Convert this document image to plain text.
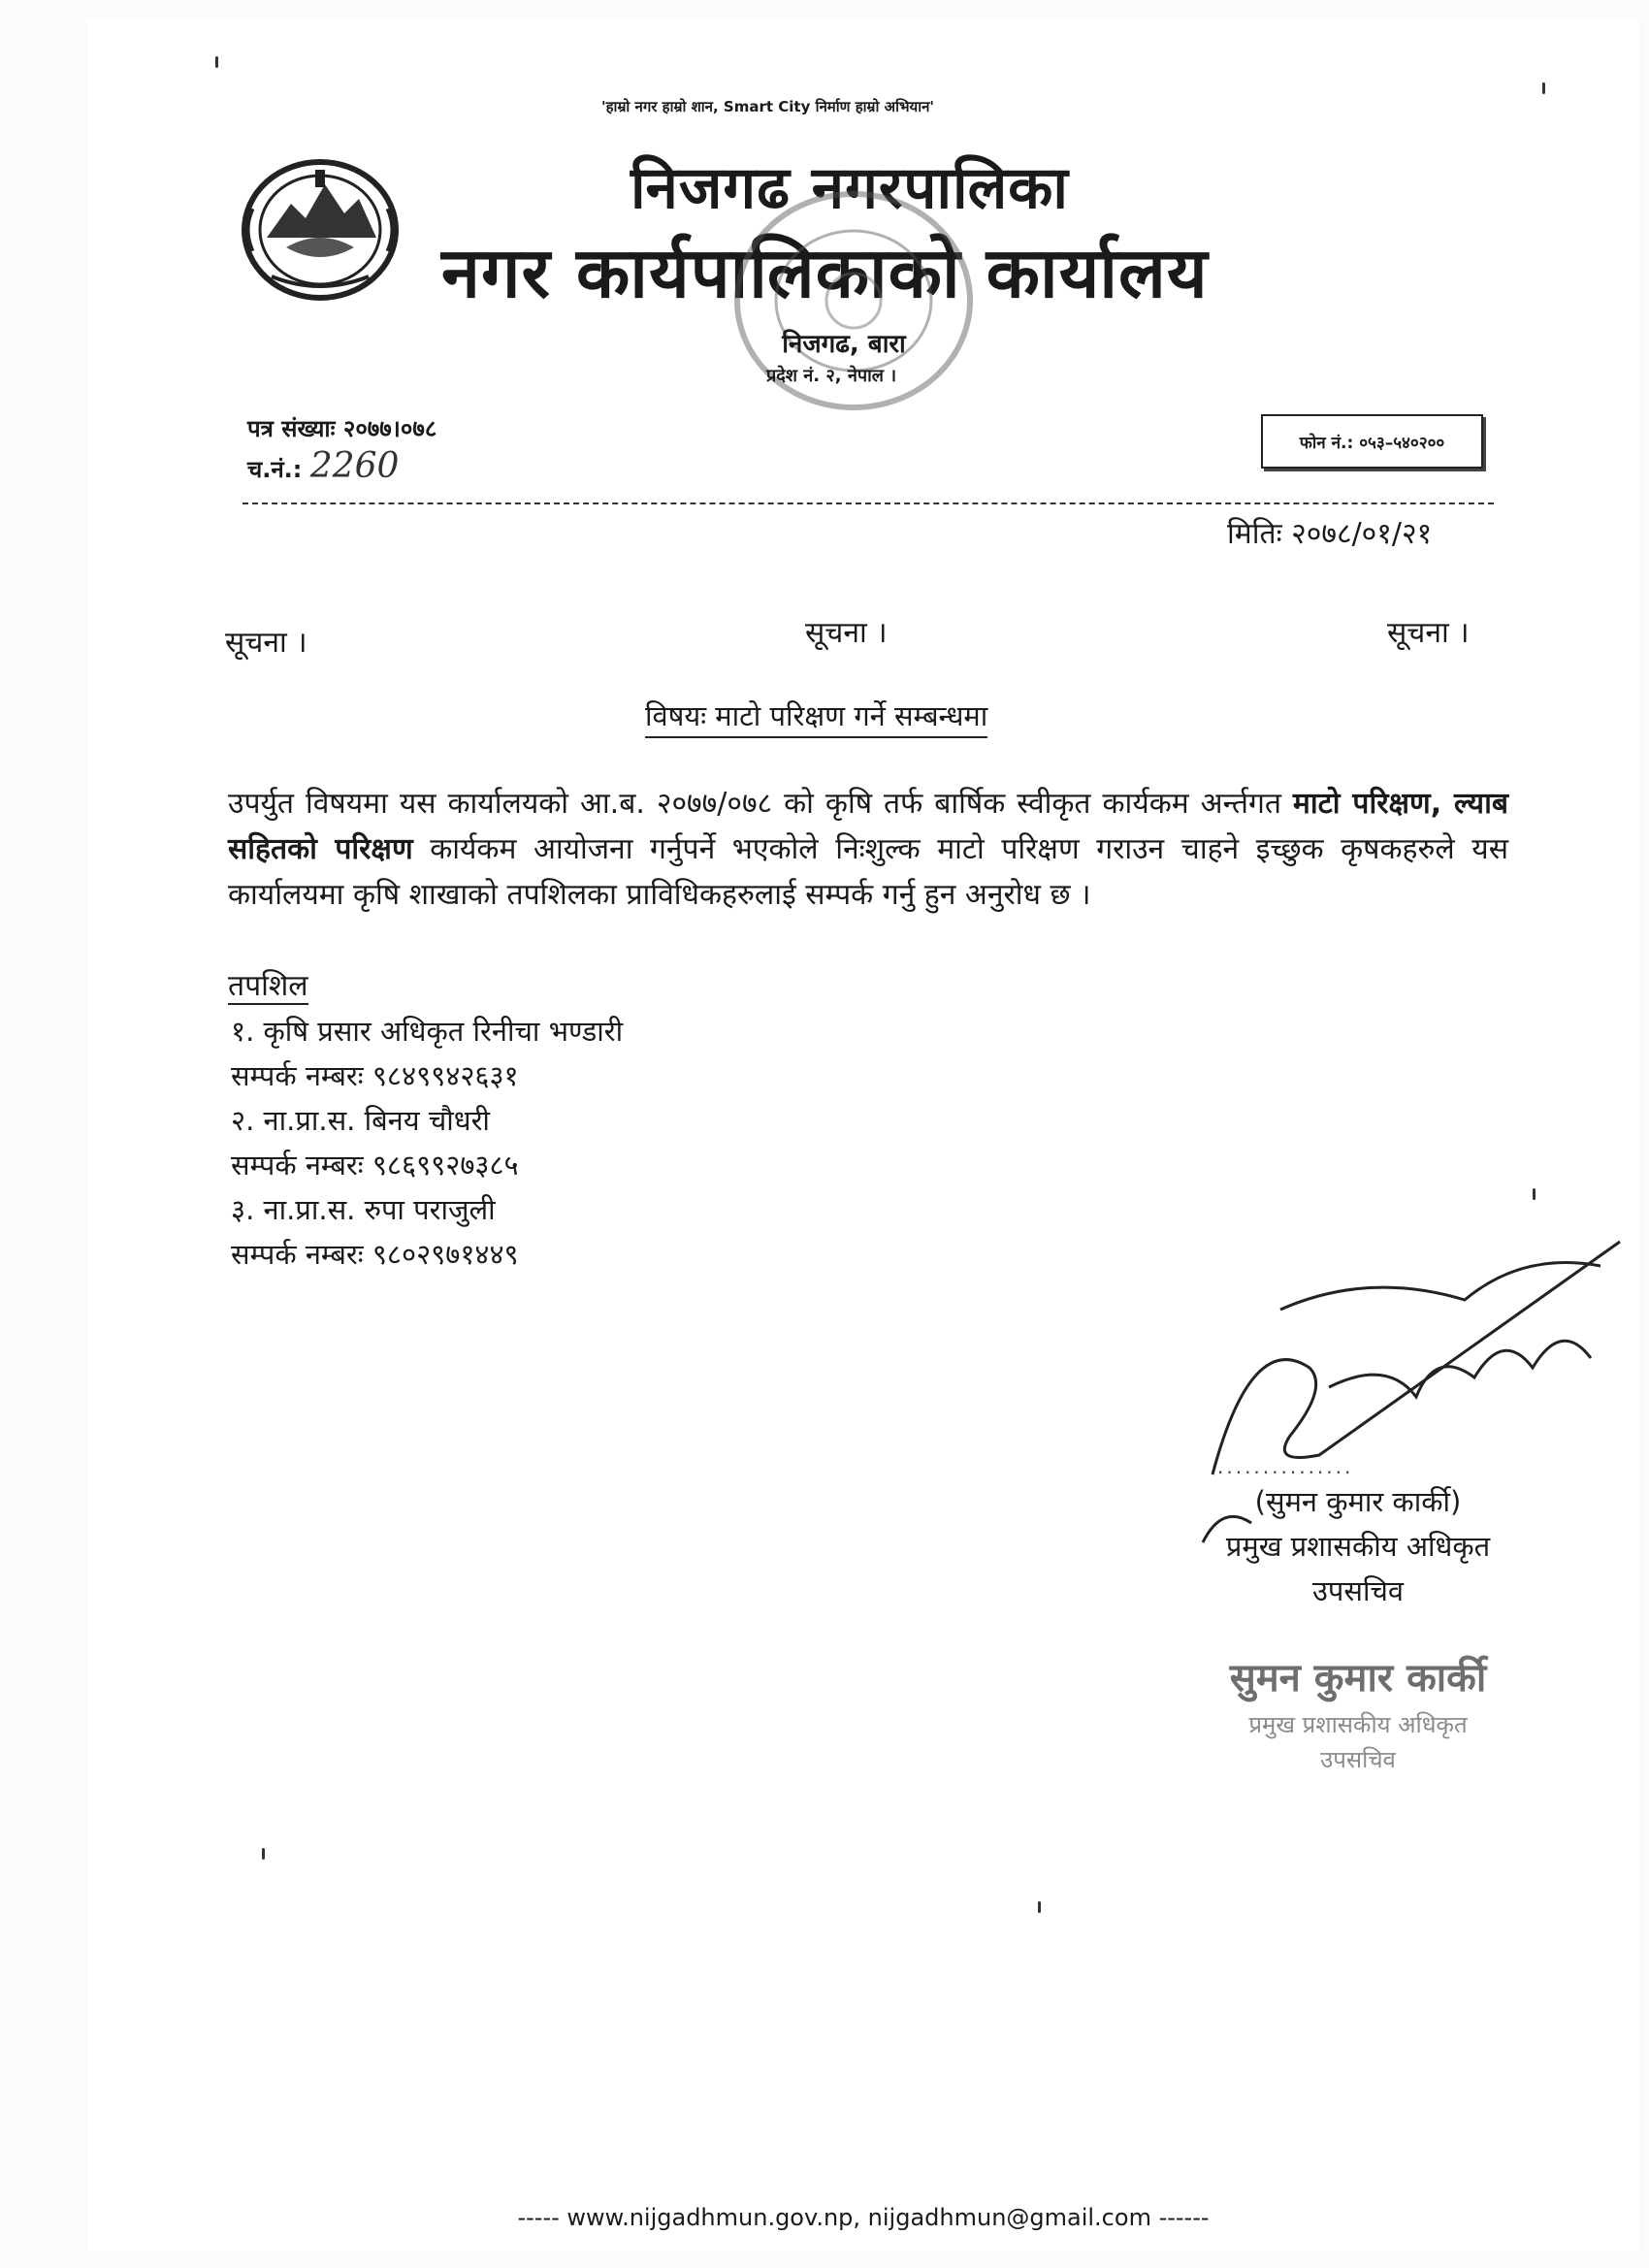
'हाम्रो नगर हाम्रो शान, Smart City निर्माण हाम्रो अभियान'
निजगढ नगरपालिका
नगर कार्यपालिकाको कार्यालय
निजगढ, बारा
प्रदेश नं. २, नेपाल ।
पत्र संख्याः २०७७।०७८
च.नं.: 2260
फोन नं.: ०५३–५४०२००
मितिः २०७८/०१/२१
सूचना ।	सूचना ।	सूचना ।
विषयः माटो परिक्षण गर्ने सम्बन्धमा
उपर्युत विषयमा यस कार्यालयको आ.ब. २०७७/०७८ को कृषि तर्फ बार्षिक स्वीकृत कार्यकम अर्न्तगत माटो परिक्षण, ल्याब सहितको परिक्षण कार्यकम आयोजना गर्नुपर्ने भएकोले निःशुल्क माटो परिक्षण गराउन चाहने इच्छुक कृषकहरुले यस कार्यालयमा कृषि शाखाको तपशिलका प्राविधिकहरुलाई सम्पर्क गर्नु हुन अनुरोध छ ।
तपशिल
१. कृषि प्रसार अधिकृत रिनीचा भण्डारी
सम्पर्क नम्बरः ९८४९९४२६३१
२. ना.प्रा.स. बिनय चौधरी
सम्पर्क नम्बरः ९८६९९२७३८५
३. ना.प्रा.स. रुपा पराजुली
सम्पर्क नम्बरः ९८०२९७१४४९
...............
(सुमन कुमार कार्की)
प्रमुख प्रशासकीय अधिकृत
उपसचिव
सुमन कुमार कार्की
प्रमुख प्रशासकीय अधिकृत
उपसचिव
----- www.nijgadhmun.gov.np, nijgadhmun@gmail.com ------
